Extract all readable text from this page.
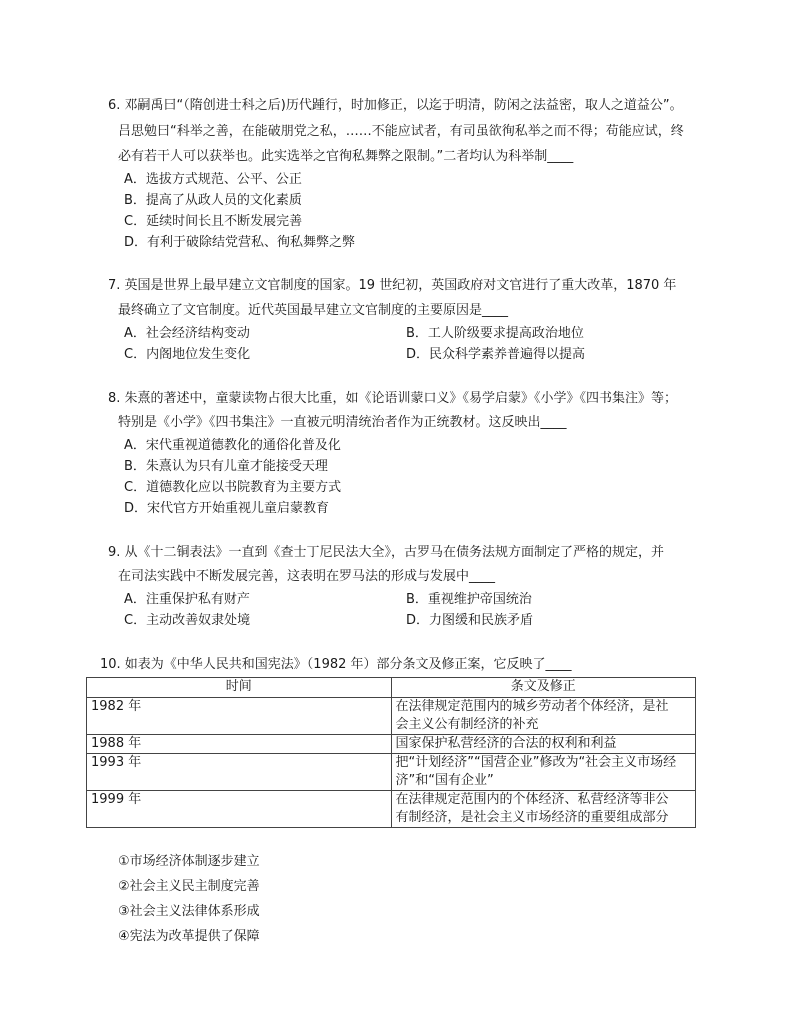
6. 邓嗣禹曰“（隋创进士科之后)历代踵行，时加修正，以迄于明清，防闲之法益密，取人之道益公”。
吕思勉曰“科举之善，在能破朋党之私，……不能应试者，有司虽欲徇私举之而不得；苟能应试，终
必有若干人可以获举也。此实选举之官徇私舞弊之限制。”二者均认为科举制____
A．选拔方式规范、公平、公正
B．提高了从政人员的文化素质
C．延续时间长且不断发展完善
D．有利于破除结党营私、徇私舞弊之弊
7. 英国是世界上最早建立文官制度的国家。19 世纪初，英国政府对文官进行了重大改革，1870 年
最终确立了文官制度。近代英国最早建立文官制度的主要原因是____
A．社会经济结构变动	B．工人阶级要求提高政治地位
C．内阁地位发生变化	D．民众科学素养普遍得以提高
8. 朱熹的著述中，童蒙读物占很大比重，如《论语训蒙口义》《易学启蒙》《小学》《四书集注》等；
特别是《小学》《四书集注》一直被元明清统治者作为正统教材。这反映出____
A．宋代重视道德教化的通俗化普及化
B．朱熹认为只有儿童才能接受天理
C．道德教化应以书院教育为主要方式
D．宋代官方开始重视儿童启蒙教育
9. 从《十二铜表法》一直到《查士丁尼民法大全》，古罗马在债务法规方面制定了严格的规定，并
在司法实践中不断发展完善，这表明在罗马法的形成与发展中____
A．注重保护私有财产	B．重视维护帝国统治
C．主动改善奴隶处境	D．力图缓和民族矛盾
10. 如表为《中华人民共和国宪法》（1982 年）部分条文及修正案，它反映了____
时间	条文及修正
1982 年	在法律规定范围内的城乡劳动者个体经济，是社
会主义公有制经济的补充

1988 年	国家保护私营经济的合法的权利和利益

1993 年	把“计划经济”“国营企业”修改为“社会主义市场经
济”和“国有企业”

1999 年	在法律规定范围内的个体经济、私营经济等非公
有制经济，是社会主义市场经济的重要组成部分
①市场经济体制逐步建立
②社会主义民主制度完善
③社会主义法律体系形成
④宪法为改革提供了保障
